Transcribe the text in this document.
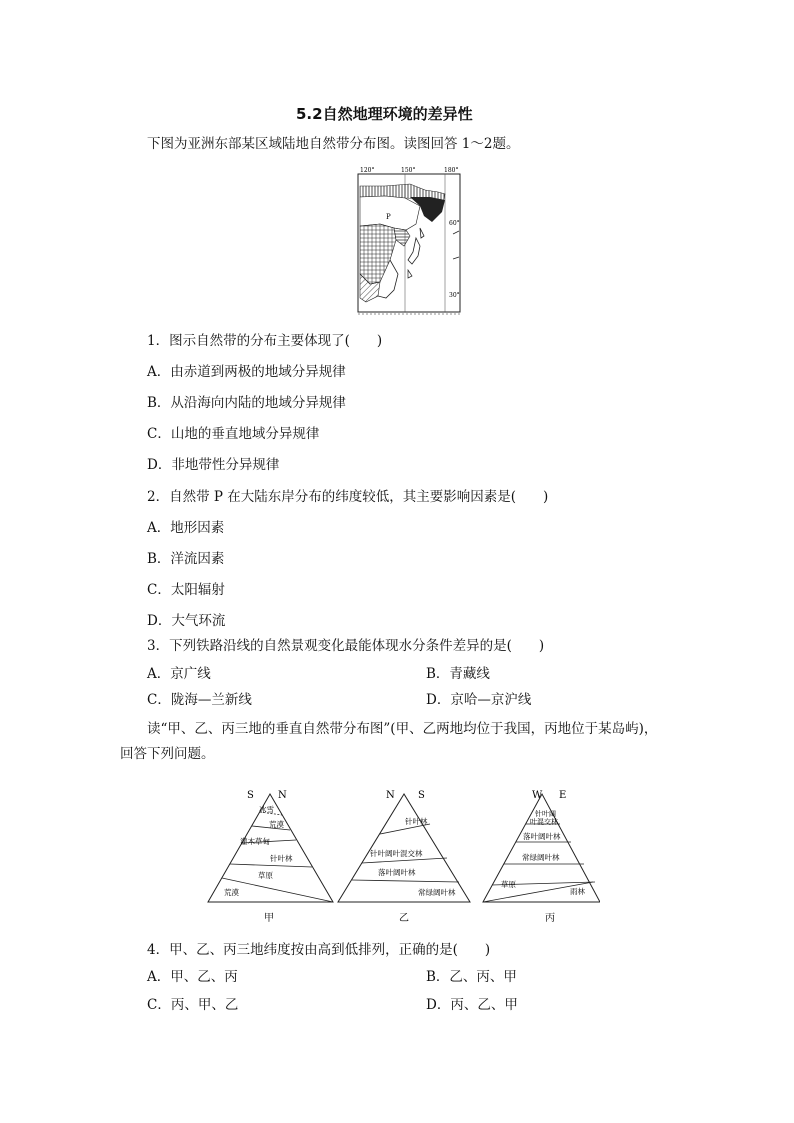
5.2自然地理环境的差异性
下图为亚洲东部某区域陆地自然带分布图。读图回答 1～2题。
120°	150°	180°
60°
30°
P
1．图示自然带的分布主要体现了(　　)
A．由赤道到两极的地域分异规律
B．从沿海向内陆的地域分异规律
C．山地的垂直地域分异规律
D．非地带性分异规律
2．自然带 P 在大陆东岸分布的纬度较低，其主要影响因素是(　　)
A．地形因素
B．洋流因素
C．太阳辐射
D．大气环流
3．下列铁路沿线的自然景观变化最能体现水分条件差异的是(　　)
A．京广线	B．青藏线
C．陇海—兰新线	D．京哈—京沪线
读“甲、乙、丙三地的垂直自然带分布图”(甲、乙两地均位于我国，丙地位于某岛屿)，
回答下列问题。
S N
冰雪
荒漠
灌木草甸
针叶林
草原
荒漠
甲
N S
针叶林
针叶阔叶混交林
落叶阔叶林
常绿阔叶林
乙
W E
针叶阔
叶混交林
落叶阔叶林
常绿阔叶林
草原
雨林
丙
4．甲、乙、丙三地纬度按由高到低排列，正确的是(　　)
A．甲、乙、丙	B．乙、丙、甲
C．丙、甲、乙	D．丙、乙、甲
